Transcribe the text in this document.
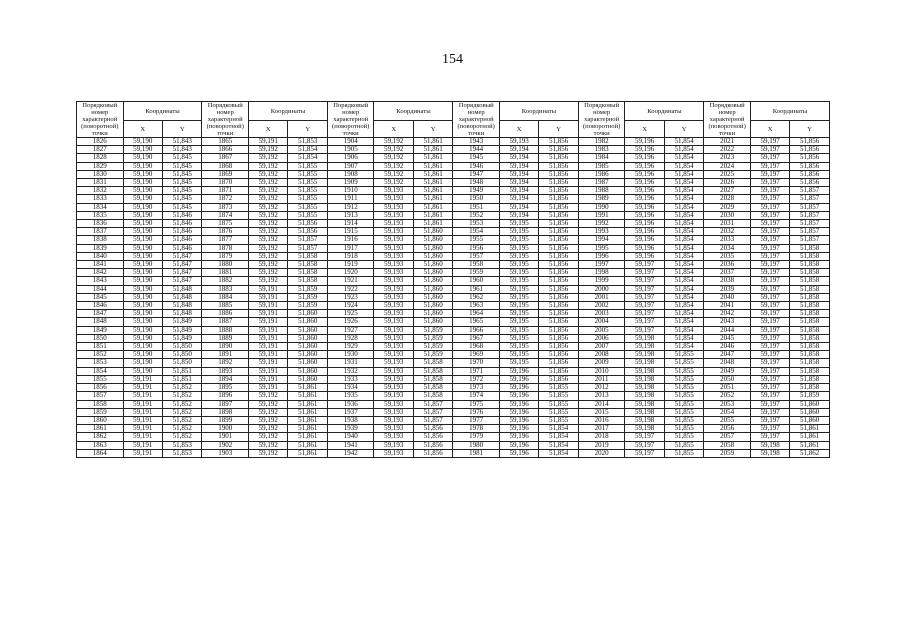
154
Порядковый номер характерной (поворотной) точки	Координаты		Порядковый номер характерной (поворотной) точки	Координаты		Порядковый номер характерной (поворотной) точки	Координаты		Порядковый номер характерной (поворотной) точки	Координаты		Порядковый номер характерной (поворотной) точки	Координаты		Порядковый номер характерной (поворотной) точки	Координаты	
	X	Y		X	Y		X	Y		X	Y		X	Y		X	Y
1826	59,190	51,843	1865	59,191	51,853	1904	59,192	51,861	1943	59,193	51,856	1982	59,196	51,854	2021	59,197	51,856
1827	59,190	51,843	1866	59,192	51,854	1905	59,192	51,861	1944	59,194	51,856	1983	59,196	51,854	2022	59,197	51,856
1828	59,190	51,845	1867	59,192	51,854	1906	59,192	51,861	1945	59,194	51,856	1984	59,196	51,854	2023	59,197	51,856
1829	59,190	51,845	1868	59,192	51,855	1907	59,192	51,861	1946	59,194	51,856	1985	59,196	51,854	2024	59,197	51,856
1830	59,190	51,845	1869	59,192	51,855	1908	59,192	51,861	1947	59,194	51,856	1986	59,196	51,854	2025	59,197	51,856
1831	59,190	51,845	1870	59,192	51,855	1909	59,192	51,861	1948	59,194	51,856	1987	59,196	51,854	2026	59,197	51,856
1832	59,190	51,845	1871	59,192	51,855	1910	59,193	51,861	1949	59,194	51,856	1988	59,196	51,854	2027	59,197	51,857
1833	59,190	51,845	1872	59,192	51,855	1911	59,193	51,861	1950	59,194	51,856	1989	59,196	51,854	2028	59,197	51,857
1834	59,190	51,845	1873	59,192	51,855	1912	59,193	51,861	1951	59,194	51,856	1990	59,196	51,854	2029	59,197	51,857
1835	59,190	51,846	1874	59,192	51,855	1913	59,193	51,861	1952	59,194	51,856	1991	59,196	51,854	2030	59,197	51,857
1836	59,190	51,846	1875	59,192	51,856	1914	59,193	51,861	1953	59,195	51,856	1992	59,196	51,854	2031	59,197	51,857
1837	59,190	51,846	1876	59,192	51,856	1915	59,193	51,860	1954	59,195	51,856	1993	59,196	51,854	2032	59,197	51,857
1838	59,190	51,846	1877	59,192	51,857	1916	59,193	51,860	1955	59,195	51,856	1994	59,196	51,854	2033	59,197	51,857
1839	59,190	51,846	1878	59,192	51,857	1917	59,193	51,860	1956	59,195	51,856	1995	59,196	51,854	2034	59,197	51,858
1840	59,190	51,847	1879	59,192	51,858	1918	59,193	51,860	1957	59,195	51,856	1996	59,196	51,854	2035	59,197	51,858
1841	59,190	51,847	1880	59,192	51,858	1919	59,193	51,860	1958	59,195	51,856	1997	59,197	51,854	2036	59,197	51,858
1842	59,190	51,847	1881	59,192	51,858	1920	59,193	51,860	1959	59,195	51,856	1998	59,197	51,854	2037	59,197	51,858
1843	59,190	51,847	1882	59,192	51,858	1921	59,193	51,860	1960	59,195	51,856	1999	59,197	51,854	2038	59,197	51,858
1844	59,190	51,848	1883	59,191	51,859	1922	59,193	51,860	1961	59,195	51,856	2000	59,197	51,854	2039	59,197	51,858
1845	59,190	51,848	1884	59,191	51,859	1923	59,193	51,860	1962	59,195	51,856	2001	59,197	51,854	2040	59,197	51,858
1846	59,190	51,848	1885	59,191	51,859	1924	59,193	51,860	1963	59,195	51,856	2002	59,197	51,854	2041	59,197	51,858
1847	59,190	51,848	1886	59,191	51,860	1925	59,193	51,860	1964	59,195	51,856	2003	59,197	51,854	2042	59,197	51,858
1848	59,190	51,849	1887	59,191	51,860	1926	59,193	51,860	1965	59,195	51,856	2004	59,197	51,854	2043	59,197	51,858
1849	59,190	51,849	1888	59,191	51,860	1927	59,193	51,859	1966	59,195	51,856	2005	59,197	51,854	2044	59,197	51,858
1850	59,190	51,849	1889	59,191	51,860	1928	59,193	51,859	1967	59,195	51,856	2006	59,198	51,854	2045	59,197	51,858
1851	59,190	51,850	1890	59,191	51,860	1929	59,193	51,859	1968	59,195	51,856	2007	59,198	51,854	2046	59,197	51,858
1852	59,190	51,850	1891	59,191	51,860	1930	59,193	51,859	1969	59,195	51,856	2008	59,198	51,855	2047	59,197	51,858
1853	59,190	51,850	1892	59,191	51,860	1931	59,193	51,858	1970	59,195	51,856	2009	59,198	51,855	2048	59,197	51,858
1854	59,190	51,851	1893	59,191	51,860	1932	59,193	51,858	1971	59,196	51,856	2010	59,198	51,855	2049	59,197	51,858
1855	59,191	51,851	1894	59,191	51,860	1933	59,193	51,858	1972	59,196	51,856	2011	59,198	51,855	2050	59,197	51,858
1856	59,191	51,852	1895	59,191	51,861	1934	59,193	51,858	1973	59,196	51,855	2012	59,198	51,855	2051	59,197	51,858
1857	59,191	51,852	1896	59,192	51,861	1935	59,193	51,858	1974	59,196	51,855	2013	59,198	51,855	2052	59,197	51,859
1858	59,191	51,852	1897	59,192	51,861	1936	59,193	51,857	1975	59,196	51,855	2014	59,198	51,855	2053	59,197	51,860
1859	59,191	51,852	1898	59,192	51,861	1937	59,193	51,857	1976	59,196	51,855	2015	59,198	51,855	2054	59,197	51,860
1860	59,191	51,852	1899	59,192	51,861	1938	59,193	51,857	1977	59,196	51,855	2016	59,198	51,855	2055	59,197	51,860
1861	59,191	51,852	1900	59,192	51,861	1939	59,193	51,856	1978	59,196	51,854	2017	59,198	51,855	2056	59,197	51,861
1862	59,191	51,852	1901	59,192	51,861	1940	59,193	51,856	1979	59,196	51,854	2018	59,197	51,855	2057	59,197	51,861
1863	59,191	51,853	1902	59,192	51,861	1941	59,193	51,856	1980	59,196	51,854	2019	59,197	51,855	2058	59,198	51,861
1864	59,191	51,853	1903	59,192	51,861	1942	59,193	51,856	1981	59,196	51,854	2020	59,197	51,855	2059	59,198	51,862
